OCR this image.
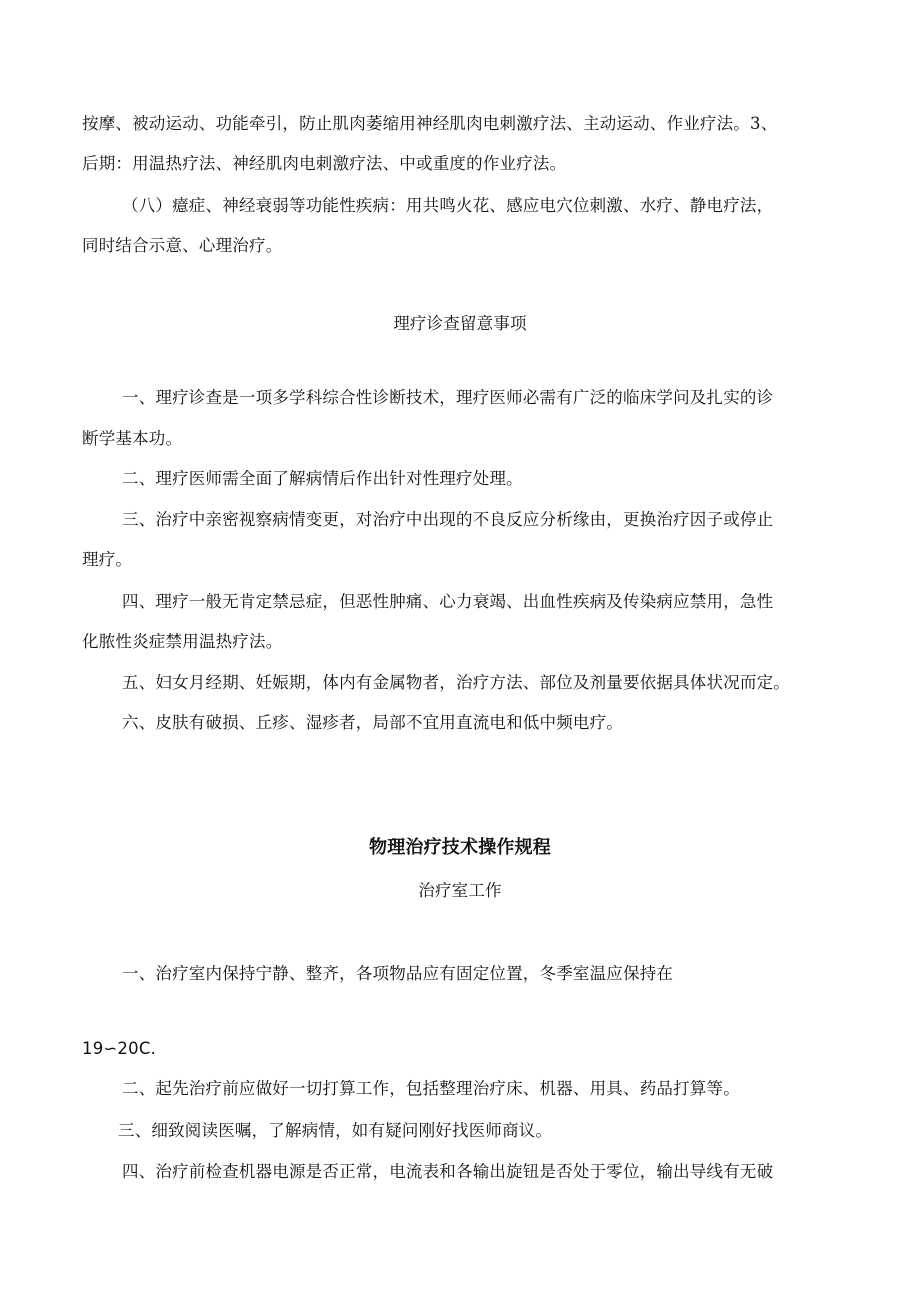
按摩、被动运动、功能牵引，防止肌肉萎缩用神经肌肉电刺激疗法、主动运动、作业疗法。3、
后期：用温热疗法、神经肌肉电刺激疗法、中或重度的作业疗法。
（八）癔症、神经衰弱等功能性疾病：用共鸣火花、感应电穴位刺激、水疗、静电疗法，
同时结合示意、心理治疗。
理疗诊查留意事项
一、理疗诊查是一项多学科综合性诊断技术，理疗医师必需有广泛的临床学问及扎实的诊
断学基本功。
二、理疗医师需全面了解病情后作出针对性理疗处理。
三、治疗中亲密视察病情变更，对治疗中出现的不良反应分析缘由，更换治疗因子或停止
理疗。
四、理疗一般无肯定禁忌症，但恶性肿痛、心力衰竭、出血性疾病及传染病应禁用，急性
化脓性炎症禁用温热疗法。
五、妇女月经期、妊娠期，体内有金属物者，治疗方法、部位及剂量要依据具体状况而定。
六、皮肤有破损、丘疹、湿疹者，局部不宜用直流电和低中频电疗。
物理治疗技术操作规程
治疗室工作
一、治疗室内保持宁静、整齐，各项物品应有固定位置，冬季室温应保持在
19∽20C.
二、起先治疗前应做好一切打算工作，包括整理治疗床、机器、用具、药品打算等。
三、细致阅读医嘱，了解病情，如有疑问刚好找医师商议。
四、治疗前检查机器电源是否正常，电流表和各输出旋钮是否处于零位，输出导线有无破
